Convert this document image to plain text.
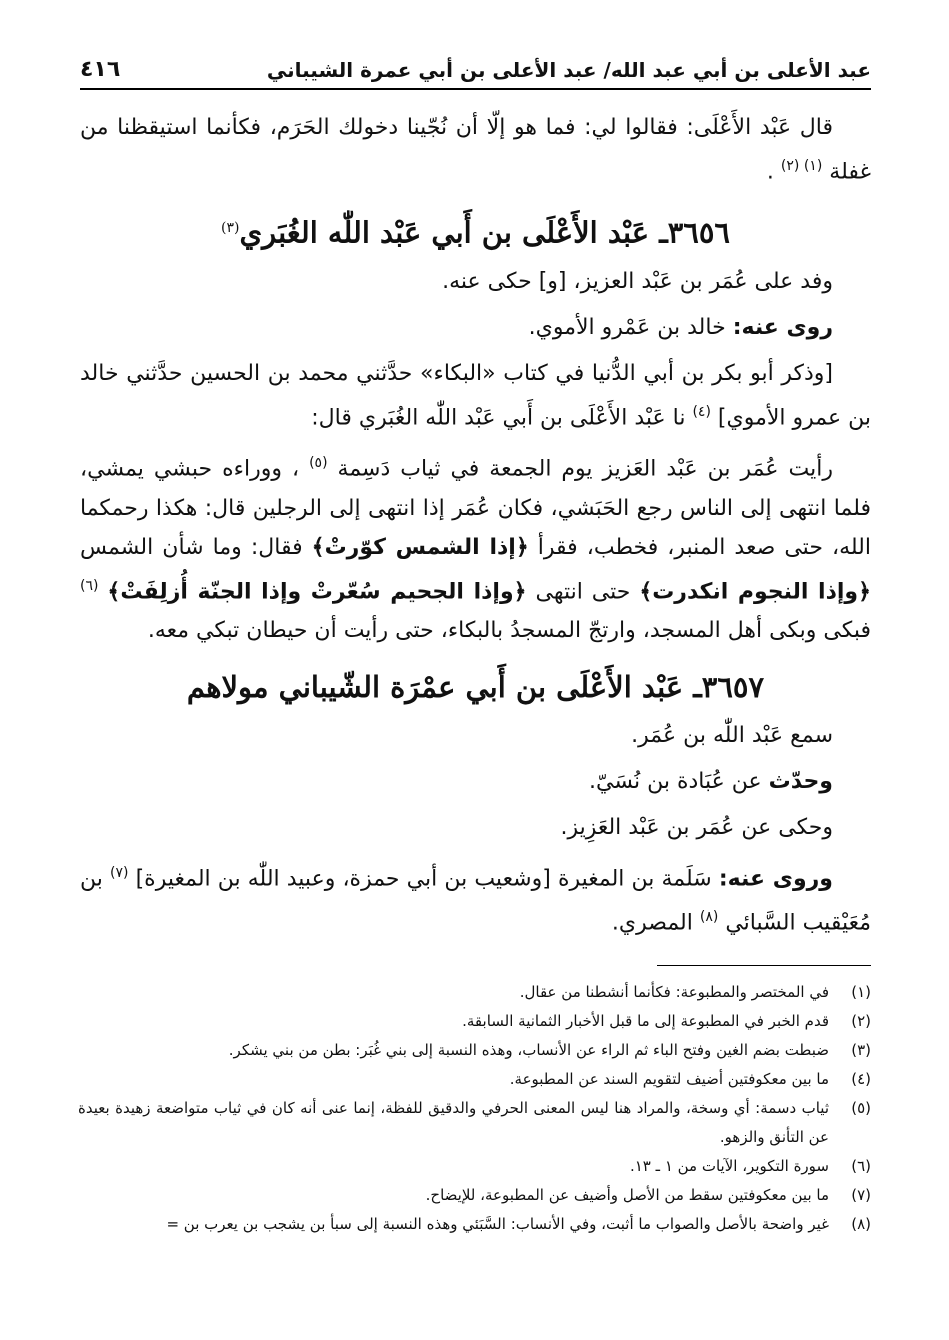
عبد الأعلى بن أبي عبد الله/ عبد الأعلى بن أبي عمرة الشيباني
٤١٦

قال عَبْد الأَعْلَى: فقالوا لي: فما هو إلّا أن نُجّينا دخولك الحَرَم، فكأنما استيقظنا من غفلة $^{(١) (٢)}$ .

٣٦٥٦ـ عَبْد الأَعْلَى بن أَبي عَبْد اللّٰه الغُبَري$^{(٣)}$

وفد على عُمَر بن عَبْد العزيز، [و] حكى عنه.

روى عنه: خالد بن عَمْرو الأموي.

[وذكر أبو بكر بن أبي الدُّنيا في كتاب «البكاء» حدَّثني محمد بن الحسين حدَّثني خالد بن عمرو الأموي] $^{(٤)}$ نا عَبْد الأَعْلَى بن أَبي عَبْد اللّٰه الغُبَري قال:

رأيت عُمَر بن عَبْد العَزيز يوم الجمعة في ثياب دَسِمة $^{(٥)}$ ، ووراءه حبشي يمشي، فلما انتهى إلى الناس رجع الحَبَشي، فكان عُمَر إذا انتهى إلى الرجلين قال: هكذا رحمكما الله، حتى صعد المنبر، فخطب، فقرأ ﴿إذا الشمس كوّرتْ﴾ فقال: وما شأن الشمس ﴿وإذا النجوم انكدرت﴾ حتى انتهى ﴿وإذا الجحيم سُعّرتْ وإذا الجنّة أُزلِفَتْ﴾ $^{(٦)}$ فبكى وبكى أهل المسجد، وارتجّ المسجدُ بالبكاء، حتى رأيت أن حيطان تبكي معه.

٣٦٥٧ـ عَبْد الأَعْلَى بن أَبي عمْرَة الشّيباني مولاهم

سمع عَبْد اللّٰه بن عُمَر.

وحدّث عن عُبَادة بن نُسَيّ.

وحكى عن عُمَر بن عَبْد العَزِيز.

وروى عنه: سَلَمة بن المغيرة [وشعيب بن أبي حمزة، وعبيد اللّٰه بن المغيرة] $^{(٧)}$ بن مُعَيْقيب السَّبائي $^{(٨)}$ المصري.

(١)
في المختصر والمطبوعة: فكأنما أنشطنا من عقال.
(٢)
قدم الخبر في المطبوعة إلى ما قبل الأخبار الثمانية السابقة.
(٣)
ضبطت بضم الغين وفتح الباء ثم الراء عن الأنساب، وهذه النسبة إلى بني غُبَر: بطن من بني يشكر.
(٤)
ما بين معكوفتين أضيف لتقويم السند عن المطبوعة.
(٥)
ثياب دسمة: أي وسخة، والمراد هنا ليس المعنى الحرفي والدقيق للفظة، إنما عنى أنه كان في ثياب متواضعة زهيدة بعيدة عن التأنق والزهو.
(٦)
سورة التكوير، الآيات من ١ ـ ١٣.
(٧)
ما بين معكوفتين سقط من الأصل وأضيف عن المطبوعة، للإيضاح.
(٨)
غير واضحة بالأصل والصواب ما أثبت، وفي الأنساب: السَّبَئي وهذه النسبة إلى سبأ بن يشجب بن يعرب بن =
